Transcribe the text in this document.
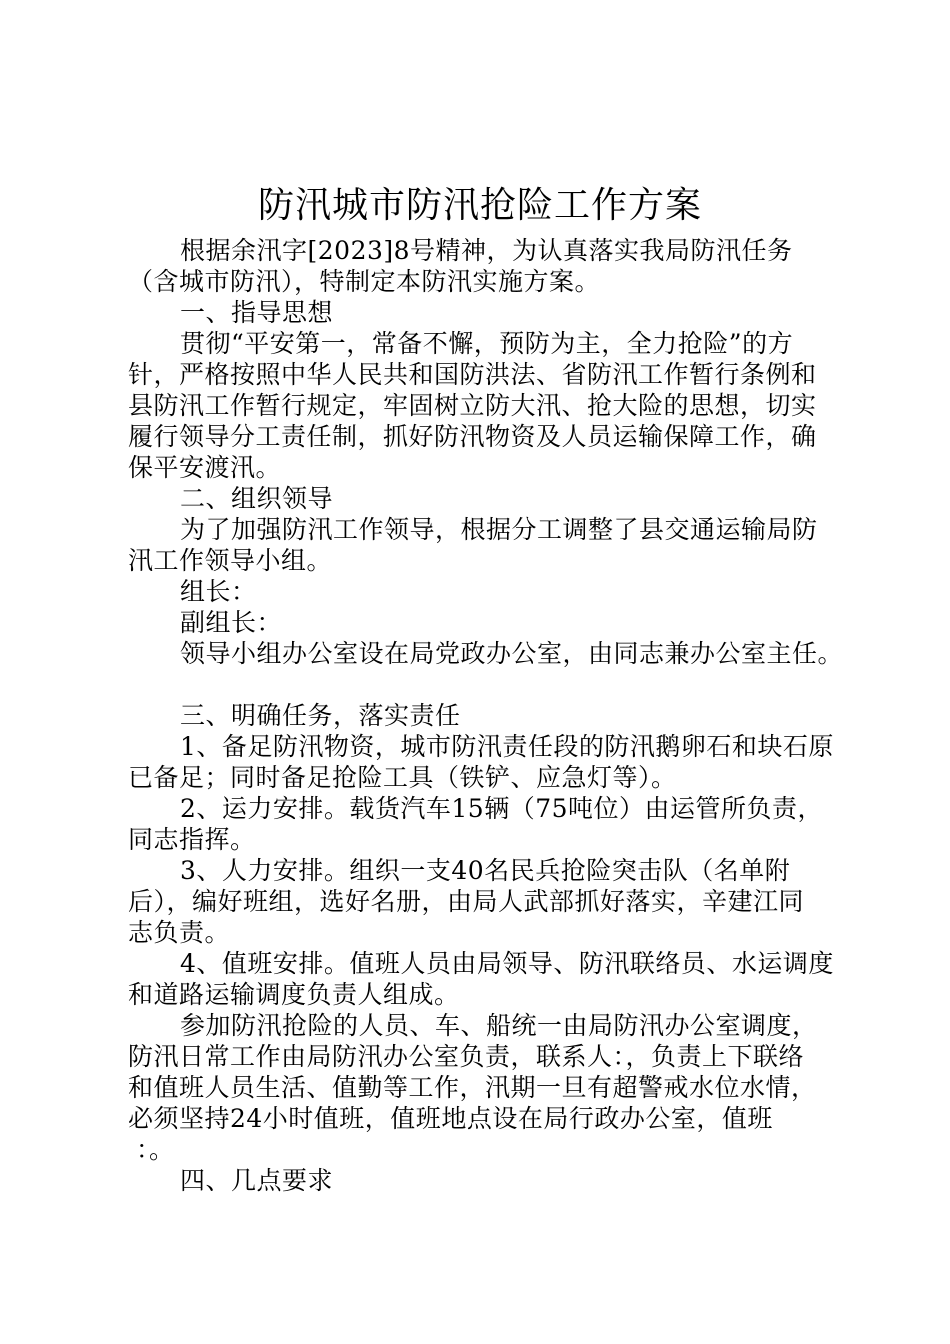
防汛城市防汛抢险工作方案
根据余汛字[2023]8号精神，为认真落实我局防汛任务
（含城市防汛），特制定本防汛实施方案。
一、指导思想
贯彻“平安第一，常备不懈，预防为主，全力抢险”的方
针，严格按照中华人民共和国防洪法、省防汛工作暂行条例和
县防汛工作暂行规定，牢固树立防大汛、抢大险的思想，切实
履行领导分工责任制，抓好防汛物资及人员运输保障工作，确
保平安渡汛。
二、组织领导
为了加强防汛工作领导，根据分工调整了县交通运输局防
汛工作领导小组。
组长：
副组长：
领导小组办公室设在局党政办公室，由同志兼办公室主任。
三、明确任务，落实责任
1、备足防汛物资，城市防汛责任段的防汛鹅卵石和块石原
已备足；同时备足抢险工具（铁铲、应急灯等）。
2、运力安排。载货汽车15辆（75吨位）由运管所负责，
同志指挥。
3、人力安排。组织一支40名民兵抢险突击队（名单附
后），编好班组，选好名册，由局人武部抓好落实，辛建江同
志负责。
4、值班安排。值班人员由局领导、防汛联络员、水运调度
和道路运输调度负责人组成。
参加防汛抢险的人员、车、船统一由局防汛办公室调度，
防汛日常工作由局防汛办公室负责，联系人：，负责上下联络
和值班人员生活、值勤等工作，汛期一旦有超警戒水位水情，
必须坚持24小时值班，值班地点设在局行政办公室，值班
：。
四、几点要求
